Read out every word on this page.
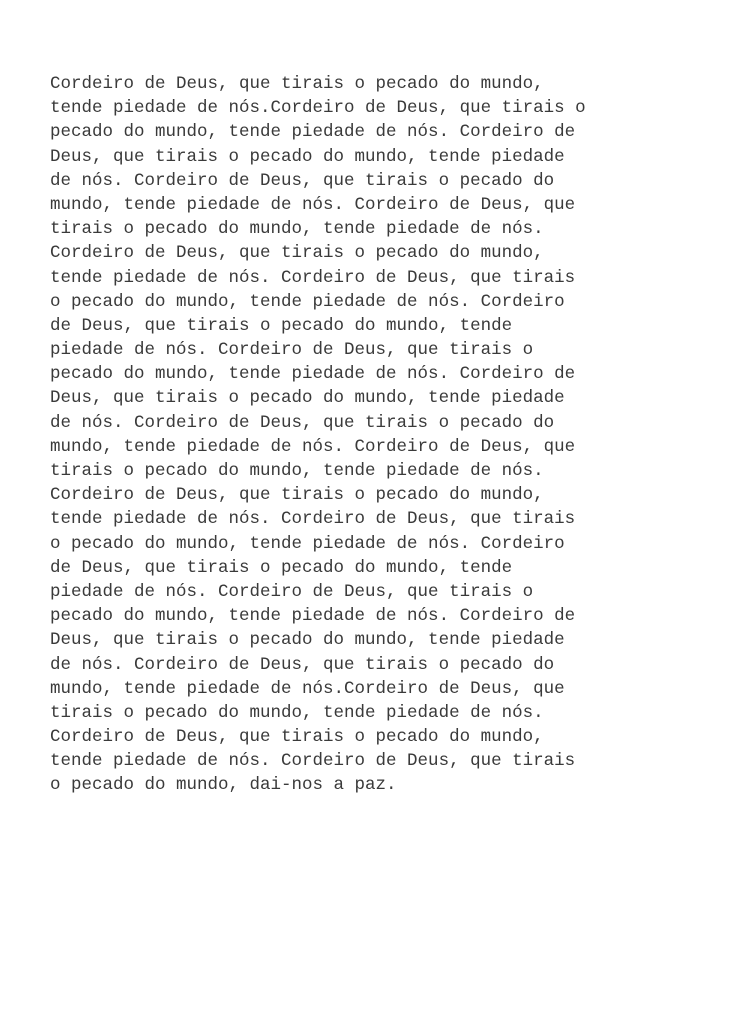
Cordeiro de Deus, que tirais o pecado do mundo,
tende piedade de nós.Cordeiro de Deus, que tirais o
pecado do mundo, tende piedade de nós. Cordeiro de
Deus, que tirais o pecado do mundo, tende piedade
de nós. Cordeiro de Deus, que tirais o pecado do
mundo, tende piedade de nós. Cordeiro de Deus, que
tirais o pecado do mundo, tende piedade de nós.
Cordeiro de Deus, que tirais o pecado do mundo,
tende piedade de nós. Cordeiro de Deus, que tirais
o pecado do mundo, tende piedade de nós. Cordeiro
de Deus, que tirais o pecado do mundo, tende
piedade de nós. Cordeiro de Deus, que tirais o
pecado do mundo, tende piedade de nós. Cordeiro de
Deus, que tirais o pecado do mundo, tende piedade
de nós. Cordeiro de Deus, que tirais o pecado do
mundo, tende piedade de nós. Cordeiro de Deus, que
tirais o pecado do mundo, tende piedade de nós.
Cordeiro de Deus, que tirais o pecado do mundo,
tende piedade de nós. Cordeiro de Deus, que tirais
o pecado do mundo, tende piedade de nós. Cordeiro
de Deus, que tirais o pecado do mundo, tende
piedade de nós. Cordeiro de Deus, que tirais o
pecado do mundo, tende piedade de nós. Cordeiro de
Deus, que tirais o pecado do mundo, tende piedade
de nós. Cordeiro de Deus, que tirais o pecado do
mundo, tende piedade de nós.Cordeiro de Deus, que
tirais o pecado do mundo, tende piedade de nós.
Cordeiro de Deus, que tirais o pecado do mundo,
tende piedade de nós. Cordeiro de Deus, que tirais
o pecado do mundo, dai-nos a paz.
